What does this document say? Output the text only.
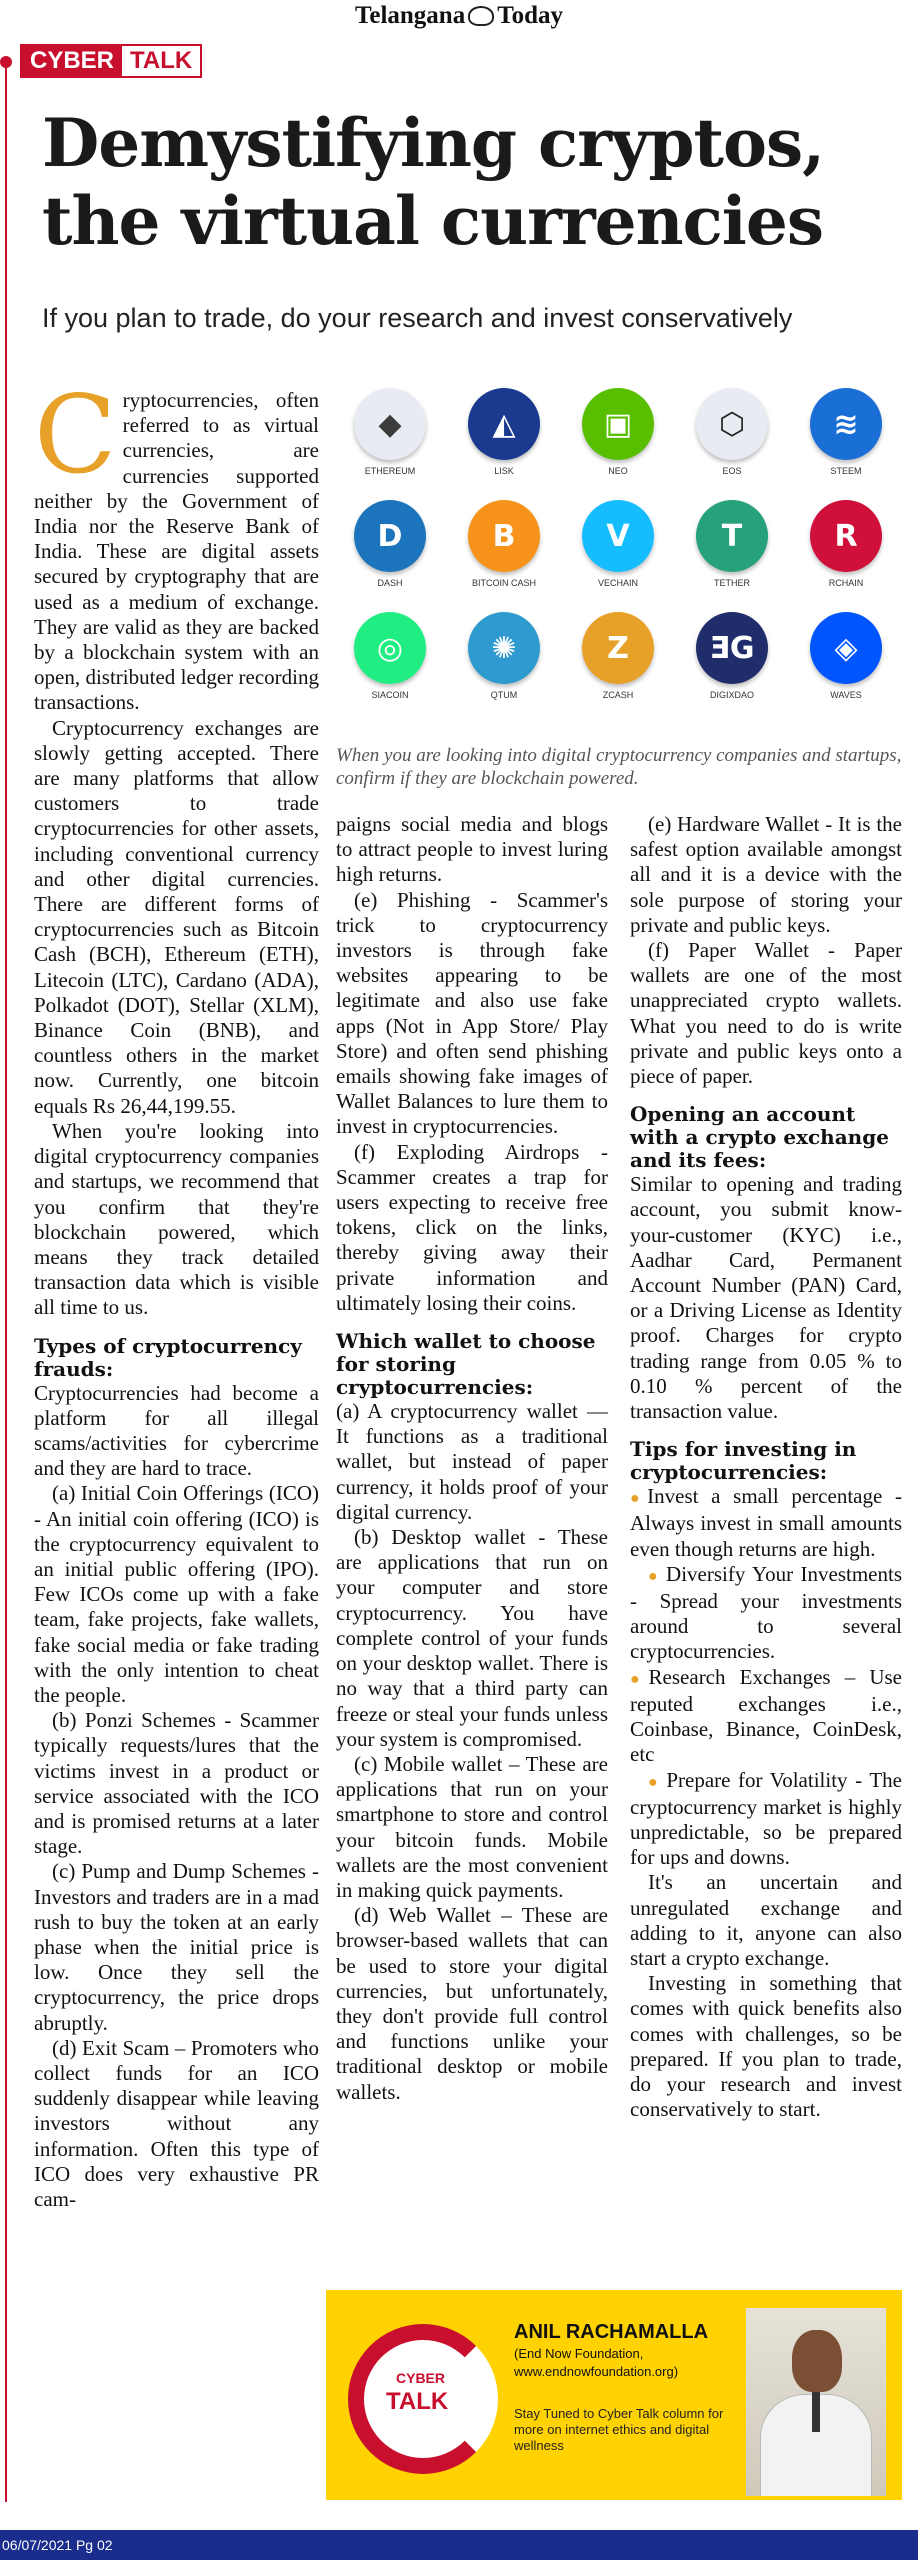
Telangana Today
CYBER TALK
Demystifying cryptos,
the virtual currencies
If you plan to trade, do your research and invest conservatively
C ryptocurrencies, often referred to as virtual currencies, are currencies supported neither by the Government of India nor the Reserve Bank of India. These are digital assets secured by cryptography that are used as a medium of exchange. They are valid as they are backed by a blockchain system with an open, distributed ledger recording transactions.

Cryptocurrency exchanges are slowly getting accepted. There are many platforms that allow customers to trade cryptocurrencies for other assets, including conventional currency and other digital currencies. There are different forms of cryptocurrencies such as Bitcoin Cash (BCH), Ethereum (ETH), Litecoin (LTC), Cardano (ADA), Polkadot (DOT), Stellar (XLM), Binance Coin (BNB), and countless others in the market now. Currently, one bitcoin equals Rs 26,44,199.55.

When you're looking into digital cryptocurrency companies and startups, we recommend that you confirm that they're blockchain powered, which means they track detailed transaction data which is visible all time to us.

Types of cryptocurrency frauds:

Cryptocurrencies had become a platform for all illegal scams/activities for cybercrime and they are hard to trace.

(a) Initial Coin Offerings (ICO) - An initial coin offering (ICO) is the cryptocurrency equivalent to an initial public offering (IPO). Few ICOs come up with a fake team, fake projects, fake wallets, fake social media or fake trading with the only intention to cheat the people.

(b) Ponzi Schemes - Scammer typically requests/lures that the victims invest in a product or service associated with the ICO and is promised returns at a later stage.

(c) Pump and Dump Schemes - Investors and traders are in a mad rush to buy the token at an early phase when the initial price is low. Once they sell the cryptocurrency, the price drops abruptly.

(d) Exit Scam – Promoters who collect funds for an ICO suddenly disappear while leaving investors without any information. Often this type of ICO does very exhaustive PR cam-

◆
ETHEREUM
◭
LISK
▣
NEO
⬡
EOS
≋
STEEM
D
DASH
B
BITCOIN CASH
V
VECHAIN
T
TETHER
R
RCHAIN
◎
SIACOIN
✺
QTUM
Z
ZCASH
ƎG
DIGIXDAO
◈
WAVES
When you are looking into digital cryptocurrency companies and startups, confirm if they are blockchain powered.

paigns social media and blogs to attract people to invest luring high returns.

(e) Phishing - Scammer's trick to cryptocurrency investors is through fake websites appearing to be legitimate and also use fake apps (Not in App Store/ Play Store) and often send phishing emails showing fake images of Wallet Balances to lure them to invest in cryptocurrencies.

(f) Exploding Airdrops - Scammer creates a trap for users expecting to receive free tokens, click on the links, thereby giving away their private information and ultimately losing their coins.

Which wallet to choose for storing cryptocurrencies:

(a) A cryptocurrency wallet — It functions as a traditional wallet, but instead of paper currency, it holds proof of your digital currency.

(b) Desktop wallet - These are applications that run on your computer and store cryptocurrency. You have complete control of your funds on your desktop wallet. There is no way that a third party can freeze or steal your funds unless your system is compromised.

(c) Mobile wallet – These are applications that run on your smartphone to store and control your bitcoin funds. Mobile wallets are the most convenient in making quick payments.

(d) Web Wallet – These are browser-based wallets that can be used to store your digital currencies, but unfortunately, they don't provide full control and functions unlike your traditional desktop or mobile wallets.

(e) Hardware Wallet - It is the safest option available amongst all and it is a device with the sole purpose of storing your private and public keys.

(f) Paper Wallet - Paper wallets are one of the most unappreciated crypto wallets. What you need to do is write private and public keys onto a piece of paper.

Opening an account with a crypto exchange and its fees:

Similar to opening and trading account, you submit know-your-customer (KYC) i.e., Aadhar Card, Permanent Account Number (PAN) Card, or a Driving License as Identity proof. Charges for crypto trading range from 0.05 % to 0.10 % percent of the transaction value.

Tips for investing in cryptocurrencies:

●Invest a small percentage - Always invest in small amounts even though returns are high.

● Diversify Your Investments - Spread your investments around to several cryptocurrencies.

●Research Exchanges – Use reputed exchanges i.e., Coinbase, Binance, CoinDesk, etc

● Prepare for Volatility - The cryptocurrency market is highly unpredictable, so be prepared for ups and downs.

It's an uncertain and unregulated exchange and adding to it, anyone can also start a crypto exchange.

Investing in something that comes with quick benefits also comes with challenges, so be prepared. If you plan to trade, do your research and invest conservatively to start.

CYBER
TALK
ANIL RACHAMALLA
(End Now Foundation,
www.endnowfoundation.org)
Stay Tuned to Cyber Talk column for more on internet ethics and digital wellness
06/07/2021 Pg 02
